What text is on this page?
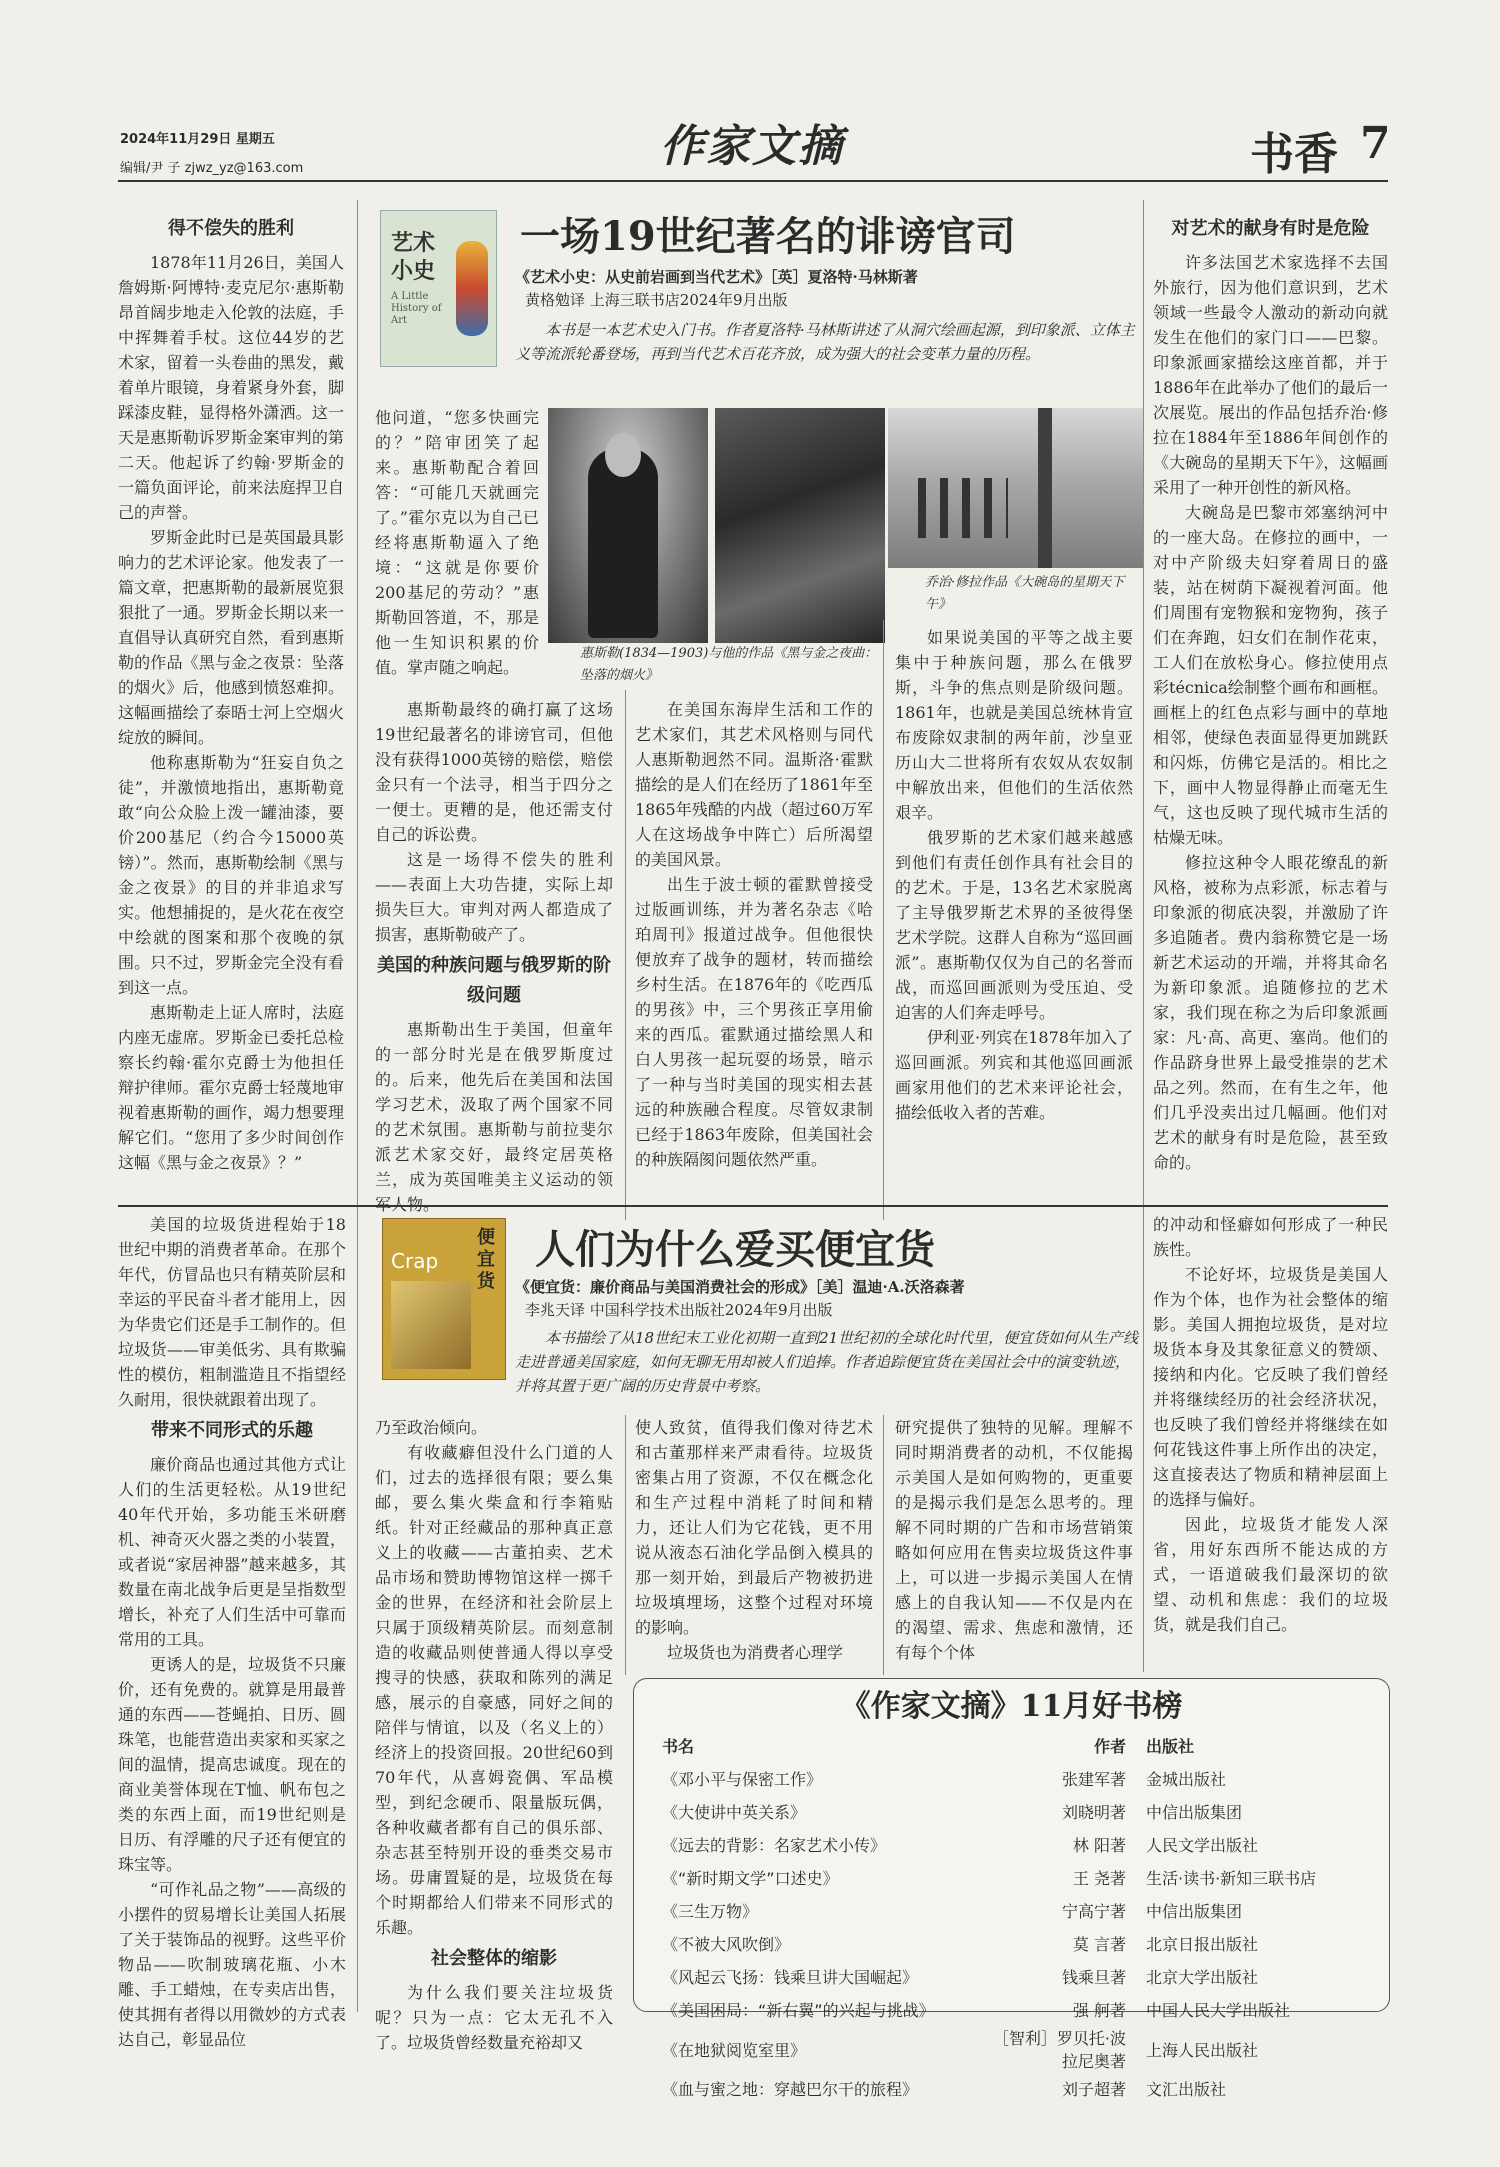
2024年11月29日 星期五
编辑/尹 子 zjwz_yz@163.com	作家文摘	书香 7
得不偿失的胜利

1878年11月26日，美国人詹姆斯·阿博特·麦克尼尔·惠斯勒昂首阔步地走入伦敦的法庭，手中挥舞着手杖。这位44岁的艺术家，留着一头卷曲的黑发，戴着单片眼镜，身着紧身外套，脚踩漆皮鞋，显得格外潇洒。这一天是惠斯勒诉罗斯金案审判的第二天。他起诉了约翰·罗斯金的一篇负面评论，前来法庭捍卫自己的声誉。

罗斯金此时已是英国最具影响力的艺术评论家。他发表了一篇文章，把惠斯勒的最新展览狠狠批了一通。罗斯金长期以来一直倡导认真研究自然，看到惠斯勒的作品《黑与金之夜景：坠落的烟火》后，他感到愤怒难抑。这幅画描绘了泰晤士河上空烟火绽放的瞬间。

他称惠斯勒为“狂妄自负之徒”，并激愤地指出，惠斯勒竟敢“向公众脸上泼一罐油漆，要价200基尼（约合今15000英镑）”。然而，惠斯勒绘制《黑与金之夜景》的目的并非追求写实。他想捕捉的，是火花在夜空中绘就的图案和那个夜晚的氛围。只不过，罗斯金完全没有看到这一点。

惠斯勒走上证人席时，法庭内座无虚席。罗斯金已委托总检察长约翰·霍尔克爵士为他担任辩护律师。霍尔克爵士轻蔑地审视着惠斯勒的画作，竭力想要理解它们。“您用了多少时间创作这幅《黑与金之夜景》？”

艺术小史
A Little History of Art
一场19世纪著名的诽谤官司
《艺术小史：从史前岩画到当代艺术》［英］夏洛特·马林斯著
黄格勉译 上海三联书店2024年9月出版
本书是一本艺术史入门书。作者夏洛特·马林斯讲述了从洞穴绘画起源，到印象派、立体主义等流派轮番登场，再到当代艺术百花齐放，成为强大的社会变革力量的历程。
惠斯勒(1834—1903)与他的作品《黑与金之夜曲：坠落的烟火》
乔治·修拉作品《大碗岛的星期天下午》

他问道，“您多快画完的？”陪审团笑了起来。惠斯勒配合着回答：“可能几天就画完了。”霍尔克以为自己已经将惠斯勒逼入了绝境：“这就是你要价200基尼的劳动？”惠斯勒回答道，不，那是他一生知识积累的价值。掌声随之响起。

惠斯勒最终的确打赢了这场19世纪最著名的诽谤官司，但他没有获得1000英镑的赔偿，赔偿金只有一个法寻，相当于四分之一便士。更糟的是，他还需支付自己的诉讼费。

这是一场得不偿失的胜利——表面上大功告捷，实际上却损失巨大。审判对两人都造成了损害，惠斯勒破产了。

美国的种族问题与俄罗斯的阶级问题

惠斯勒出生于美国，但童年的一部分时光是在俄罗斯度过的。后来，他先后在美国和法国学习艺术，汲取了两个国家不同的艺术氛围。惠斯勒与前拉斐尔派艺术家交好，最终定居英格兰，成为英国唯美主义运动的领

在美国东海岸生活和工作的艺术家们，其艺术风格则与同代人惠斯勒迥然不同。温斯洛·霍默描绘的是人们在经历了1861年至1865年残酷的内战（超过60万军人在这场战争中阵亡）后所渴望的美国风景。

出生于波士顿的霍默曾接受过版画训练，并为著名杂志《哈珀周刊》报道过战争。但他很快便放弃了战争的题材，转而描绘乡村生活。在1876年的《吃西瓜的男孩》中，三个男孩正享用偷来的西瓜。霍默通过描绘黑人和白人男孩一起玩耍的场景，暗示了一种与当时美国的现实相去甚远的种族融合程度。尽管奴隶制已经于1863年废除，但美国社会的种族隔阂问题依然严重。

如果说美国的平等之战主要集中于种族问题，那么在俄罗斯，斗争的焦点则是阶级问题。1861年，也就是美国总统林肯宣布废除奴隶制的两年前，沙皇亚历山大二世将所有农奴从农奴制中解放出来，但他们的生活依然艰辛。

俄罗斯的艺术家们越来越感到他们有责任创作具有社会目的的艺术。于是，13名艺术家脱离了主导俄罗斯艺术界的圣彼得堡艺术学院。这群人自称为“巡回画派”。惠斯勒仅仅为自己的名誉而战，而巡回画派则为受压迫、受迫害的人们奔走呼号。

伊利亚·列宾在1878年加入了巡回画派。列宾和其他巡回画派画家用他们的艺术来评论社会，描绘低收入者的苦难。

对艺术的献身有时是危险

许多法国艺术家选择不去国外旅行，因为他们意识到，艺术领域一些最令人激动的新动向就发生在他们的家门口——巴黎。印象派画家描绘这座首都，并于1886年在此举办了他们的最后一次展览。展出的作品包括乔治·修拉在1884年至1886年间创作的《大碗岛的星期天下午》，这幅画采用了一种开创性的新风格。

大碗岛是巴黎市郊塞纳河中的一座大岛。在修拉的画中，一对中产阶级夫妇穿着周日的盛装，站在树荫下凝视着河面。他们周围有宠物猴和宠物狗，孩子们在奔跑，妇女们在制作花束，工人们在放松身心。修拉使用点彩técnica绘制整个画布和画框。画框上的红色点彩与画中的草地相邻，使绿色表面显得更加跳跃和闪烁，仿佛它是活的。相比之下，画中人物显得静止而毫无生气，这也反映了现代城市生活的枯燥无味。

修拉这种令人眼花缭乱的新风格，被称为点彩派，标志着与印象派的彻底决裂，并激励了许多追随者。费内翁称赞它是一场新艺术运动的开端，并将其命名为新印象派。追随修拉的艺术家，我们现在称之为后印象派画家：凡·高、高更、塞尚。他们的作品跻身世界上最受推崇的艺术品之列。然而，在有生之年，他们几乎没卖出过几幅画。他们对艺术的献身有时是危险，甚至致命的。

美国的垃圾货进程始于18世纪中期的消费者革命。在那个年代，仿冒品也只有精英阶层和幸运的平民奋斗者才能用上，因为华贵它们还是手工制作的。但垃圾货——审美低劣、具有欺骗性的模仿，粗制滥造且不指望经久耐用，很快就跟着出现了。

带来不同形式的乐趣

廉价商品也通过其他方式让人们的生活更轻松。从19世纪40年代开始，多功能玉米研磨机、神奇灭火器之类的小装置，或者说“家居神器”越来越多，其数量在南北战争后更是呈指数型增长，补充了人们生活中可靠而常用的工具。

更诱人的是，垃圾货不只廉价，还有免费的。就算是用最普通的东西——苍蝇拍、日历、圆珠笔，也能营造出卖家和买家之间的温情，提高忠诚度。现在的商业美誉体现在T恤、帆布包之类的东西上面，而19世纪则是日历、有浮雕的尺子还有便宜的珠宝等。

“可作礼品之物”——高级的小摆件的贸易增长让美国人拓展了关于装饰品的视野。这些平价物品——吹制玻璃花瓶、小木雕、手工蜡烛，在专卖店出售，使其拥有者得以用微妙的方式表达自己，彰显品位

便宜货
Crap 人们为什么爱买便宜货
《便宜货：廉价商品与美国消费社会的形成》［美］温迪·A.沃洛森著
李兆天译 中国科学技术出版社2024年9月出版
本书描绘了从18世纪末工业化初期一直到21世纪初的全球化时代里，便宜货如何从生产线走进普通美国家庭，如何无聊无用却被人们追捧。作者追踪便宜货在美国社会中的演变轨迹，并将其置于更广阔的历史背景中考察。

乃至政治倾向。

有收藏癖但没什么门道的人们，过去的选择很有限；要么集邮，要么集火柴盒和行李箱贴纸。针对正经藏品的那种真正意义上的收藏——古董拍卖、艺术品市场和赞助博物馆这样一掷千金的世界，在经济和社会阶层上只属于顶级精英阶层。而刻意制造的收藏品则使普通人得以享受搜寻的快感，获取和陈列的满足感，展示的自豪感，同好之间的陪伴与情谊，以及（名义上的）经济上的投资回报。20世纪60到70年代，从喜姆瓷偶、军品模型，到纪念硬币、限量版玩偶，各种收藏者都有自己的俱乐部、杂志甚至特别开设的垂类交易市场。毋庸置疑的是，垃圾货在每个时期都给人们带来不同形式的乐趣。

社会整体的缩影

为什么我们要关注垃圾货呢？只为一点：它太无孔不入了。垃圾货曾经数量充裕却又

使人致贫，值得我们像对待艺术和古董那样来严肃看待。垃圾货密集占用了资源，不仅在概念化和生产过程中消耗了时间和精力，还让人们为它花钱，更不用说从液态石油化学品倒入模具的那一刻开始，到最后产物被扔进垃圾填埋场，这整个过程对环境的影响。

垃圾货也为消费者心理学

研究提供了独特的见解。理解不同时期消费者的动机，不仅能揭示美国人是如何购物的，更重要的是揭示我们是怎么思考的。理解不同时期的广告和市场营销策略如何应用在售卖垃圾货这件事上，可以进一步揭示美国人在情感上的自我认知——不仅是内在的渴望、需求、焦虑和激情，还有每个个体

的冲动和怪癖如何形成了一种民族性。

不论好坏，垃圾货是美国人作为个体，也作为社会整体的缩影。美国人拥抱垃圾货，是对垃圾货本身及其象征意义的赞颂、接纳和内化。它反映了我们曾经并将继续经历的社会经济状况，也反映了我们曾经并将继续在如何花钱这件事上所作出的决定，这直接表达了物质和精神层面上的选择与偏好。

因此，垃圾货才能发人深省，用好东西所不能达成的方式，一语道破我们最深切的欲望、动机和焦虑：我们的垃圾货，就是我们自己。

《作家文摘》11月好书榜
书名	作者	出版社
《邓小平与保密工作》	张建军著	金城出版社
《大使讲中英关系》	刘晓明著	中信出版集团
《远去的背影：名家艺术小传》	林 阳著	人民文学出版社
《“新时期文学”口述史》	王 尧著	生活·读书·新知三联书店
《三生万物》	宁高宁著	中信出版集团
《不被大风吹倒》	莫 言著	北京日报出版社
《风起云飞扬：钱乘旦讲大国崛起》	钱乘旦著	北京大学出版社
《美国困局：“新右翼”的兴起与挑战》	强 舸著	中国人民大学出版社
《在地狱阅览室里》	［智利］罗贝托·波拉尼奥著	上海人民出版社
《血与蜜之地：穿越巴尔干的旅程》	刘子超著	文汇出版社
